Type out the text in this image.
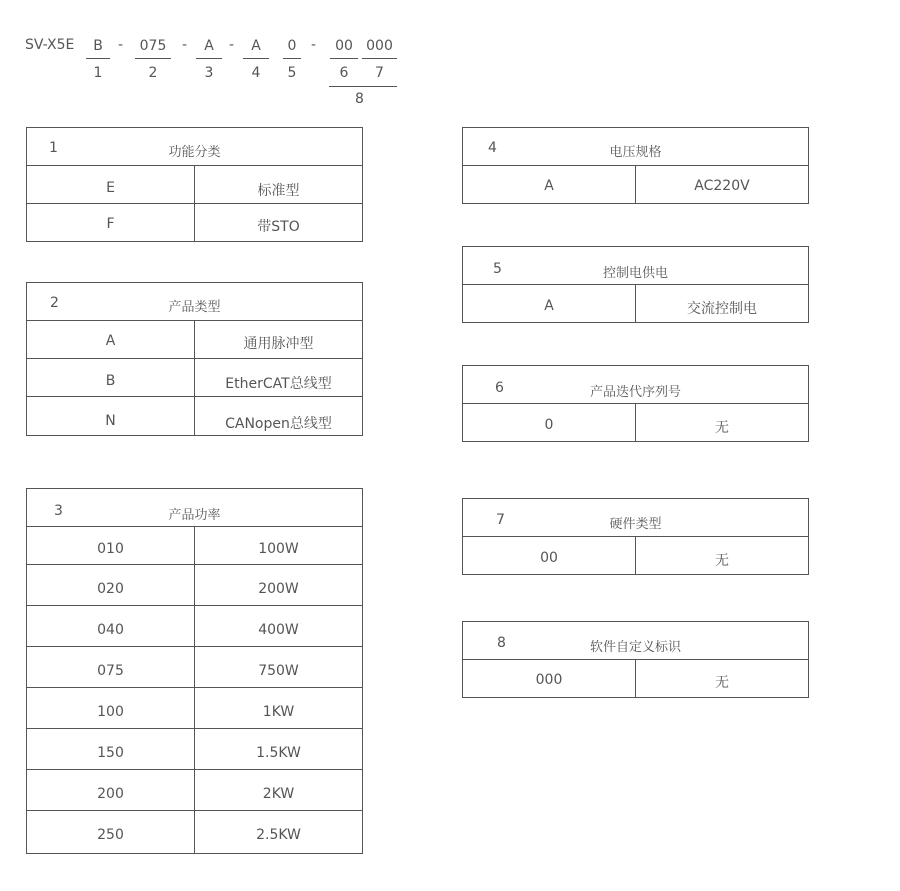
SV-X5E	B
1
-	075
2
-	A
3
-	A
4
0
5
-	00
6
000
7
8
1	功能分类
E	标准型
F	带STO
2	产品类型
A	通用脉冲型
B	EtherCAT总线型
N	CANopen总线型
3	产品功率
010	100W
020	200W
040	400W
075	750W
100	1KW
150	1.5KW
200	2KW
250	2.5KW
4	电压规格
A	AC220V
5	控制电供电
A	交流控制电
6	产品迭代序列号
0	无
7	硬件类型
00	无
8	软件自定义标识
000	无
